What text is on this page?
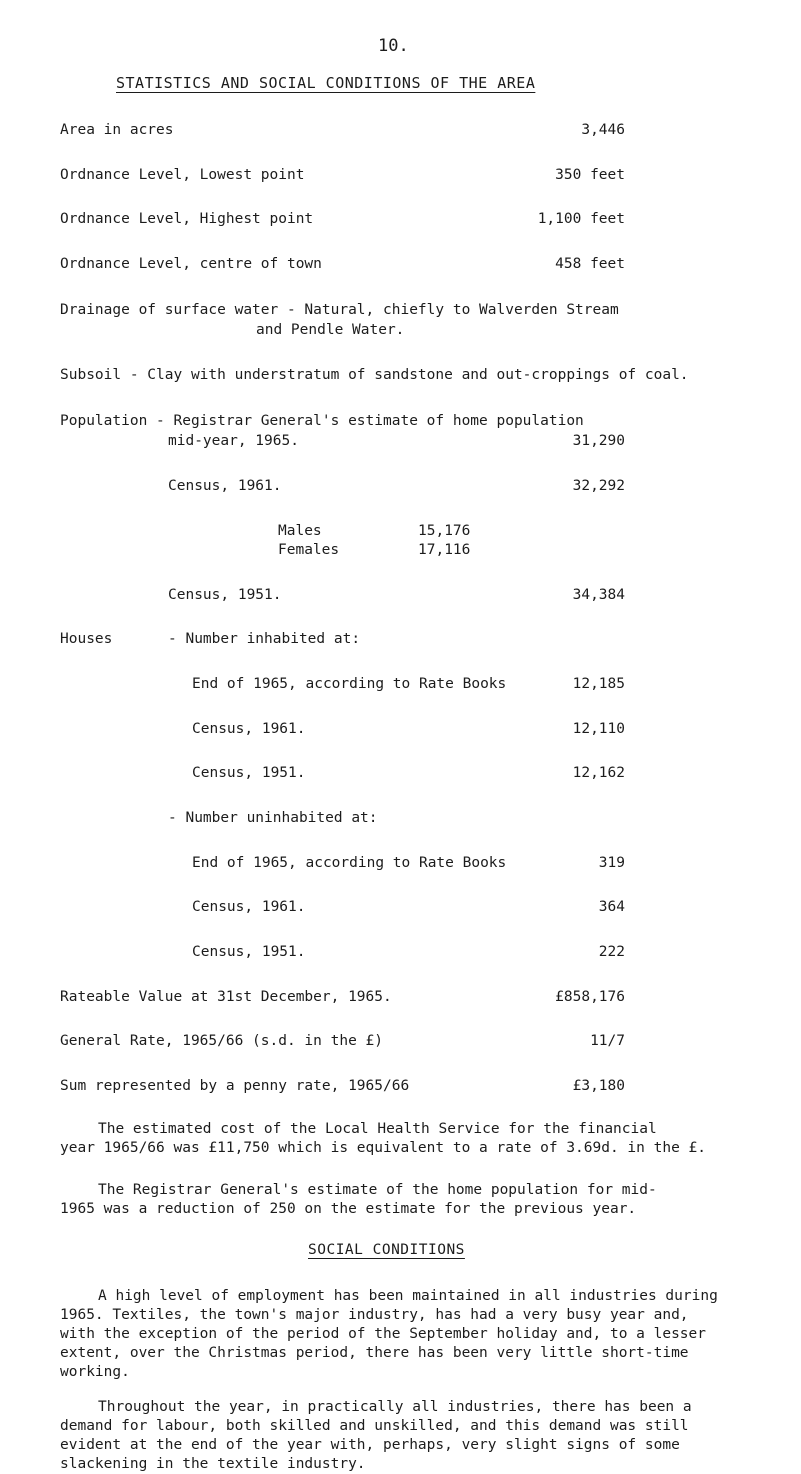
10.
STATISTICS AND SOCIAL CONDITIONS OF THE AREA
Area in acres	3,446
Ordnance Level, Lowest point	350 feet
Ordnance Level, Highest point	1,100 feet
Ordnance Level, centre of town	458 feet
Drainage of surface water - Natural, chiefly to Walverden Stream
and Pendle Water.
Subsoil - Clay with understratum of sandstone and out-croppings of coal.
Population - Registrar General's estimate of home population
mid-year, 1965.	31,290
Census, 1961.	32,292
Males	15,176
Females	17,116
Census, 1951.	34,384
Houses	- Number inhabited at:
End of 1965, according to Rate Books	12,185
Census, 1961.	12,110
Census, 1951.	12,162
- Number uninhabited at:
End of 1965, according to Rate Books	319
Census, 1961.	364
Census, 1951.	222
Rateable Value at 31st December, 1965.	£858,176
General Rate, 1965/66 (s.d. in the £)	11/7
Sum represented by a penny rate, 1965/66	£3,180
The estimated cost of the Local Health Service for the financial
year 1965/66 was £11,750 which is equivalent to a rate of 3.69d. in the £.
The Registrar General's estimate of the home population for mid-
1965 was a reduction of 250 on the estimate for the previous year.
SOCIAL CONDITIONS
A high level of employment has been maintained in all industries during
1965. Textiles, the town's major industry, has had a very busy year and,
with the exception of the period of the September holiday and, to a lesser
extent, over the Christmas period, there has been very little short-time
working.
Throughout the year, in practically all industries, there has been a
demand for labour, both skilled and unskilled, and this demand was still
evident at the end of the year with, perhaps, very slight signs of some
slackening in the textile industry.
